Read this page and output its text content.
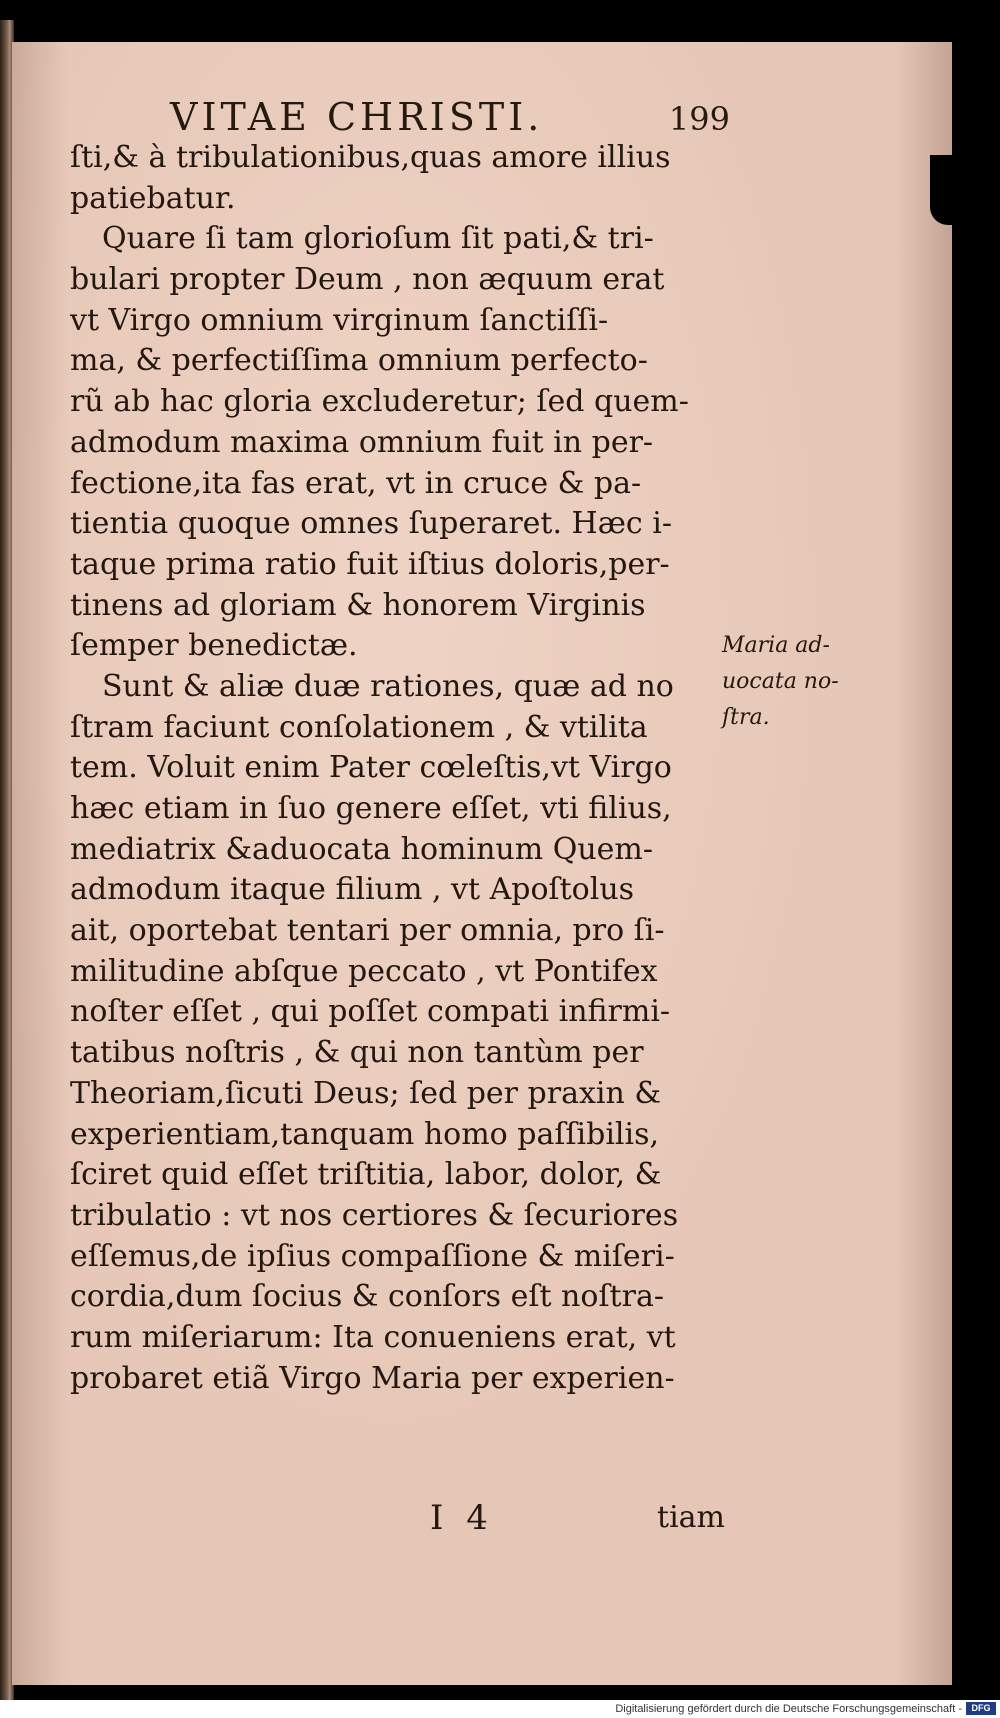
VITAE CHRISTI.	199
ſti,& à tribulationibus,quas amore illius
patiebatur.
Quare ſi tam glorioſum ſit pati,& tri-
bulari propter Deum , non æquum erat
vt Virgo omnium virginum ſanctiſſi-
ma, & perfectiſſima omnium perfecto-
rũ ab hac gloria excluderetur; ſed quem-
admodum maxima omnium fuit in per-
fectione,ita fas erat, vt in cruce & pa-
tientia quoque omnes ſuperaret. Hæc i-
taque prima ratio fuit iſtius doloris,per-
tinens ad gloriam & honorem Virginis
ſemper benedictæ.
Sunt & aliæ duæ rationes, quæ ad no
ſtram faciunt conſolationem , & vtilita
tem. Voluit enim Pater cœleſtis,vt Virgo
hæc etiam in ſuo genere eſſet, vti filius,
mediatrix &aduocata hominum Quem-
admodum itaque filium , vt Apoſtolus
ait, oportebat tentari per omnia, pro ſi-
militudine abſque peccato , vt Pontifex
noſter eſſet , qui poſſet compati infirmi-
tatibus noſtris , & qui non tantùm per
Theoriam,ſicuti Deus; ſed per praxin &
experientiam,tanquam homo paſſibilis,
ſciret quid eſſet triſtitia, labor, dolor, &
tribulatio : vt nos certiores & ſecuriores
eſſemus,de ipſius compaſſione & miſeri-
cordia,dum ſocius & conſors eſt noſtra-
rum miſeriarum: Ita conueniens erat, vt
probaret etiã Virgo Maria per experien-
Maria ad-
uocata no-
ſtra.
I 4	tiam
Digitalisierung gefördert durch die Deutsche Forschungsgemeinschaft -	DFG
